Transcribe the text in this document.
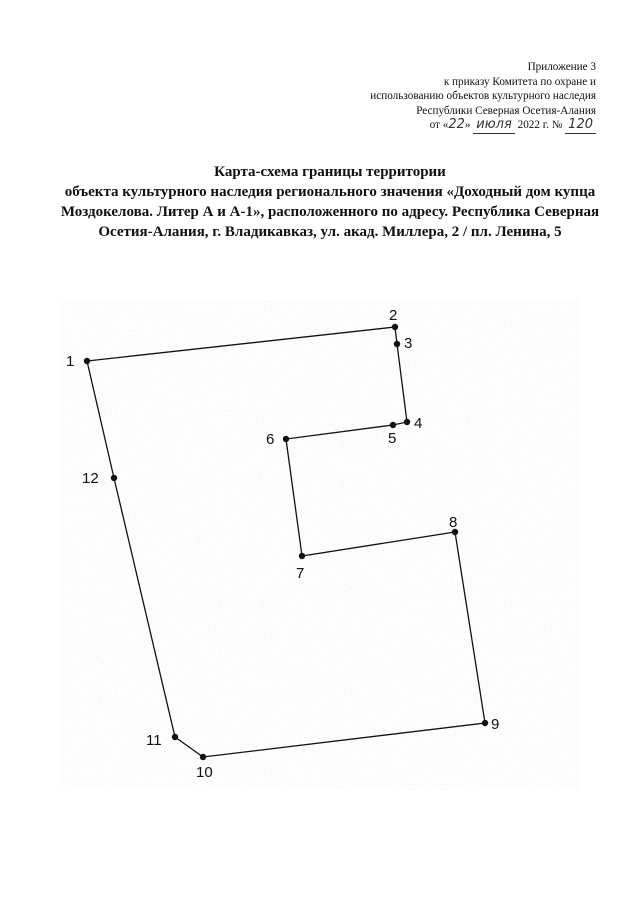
Приложение 3
к приказу Комитета по охране и
использованию объектов культурного наследия
Республики Северная Осетия-Алания
от «22» июля 2022 г. № 120
Карта-схема границы территории
объекта культурного наследия регионального значения «Доходный дом купца
Моздокелова. Литер А и А-1», расположенного по адресу. Республика Северная
Осетия-Алания, г. Владикавказ, ул. акад. Миллера, 2 / пл. Ленина, 5
1
2
3
4
5
6
7
8
9
10
11
12
